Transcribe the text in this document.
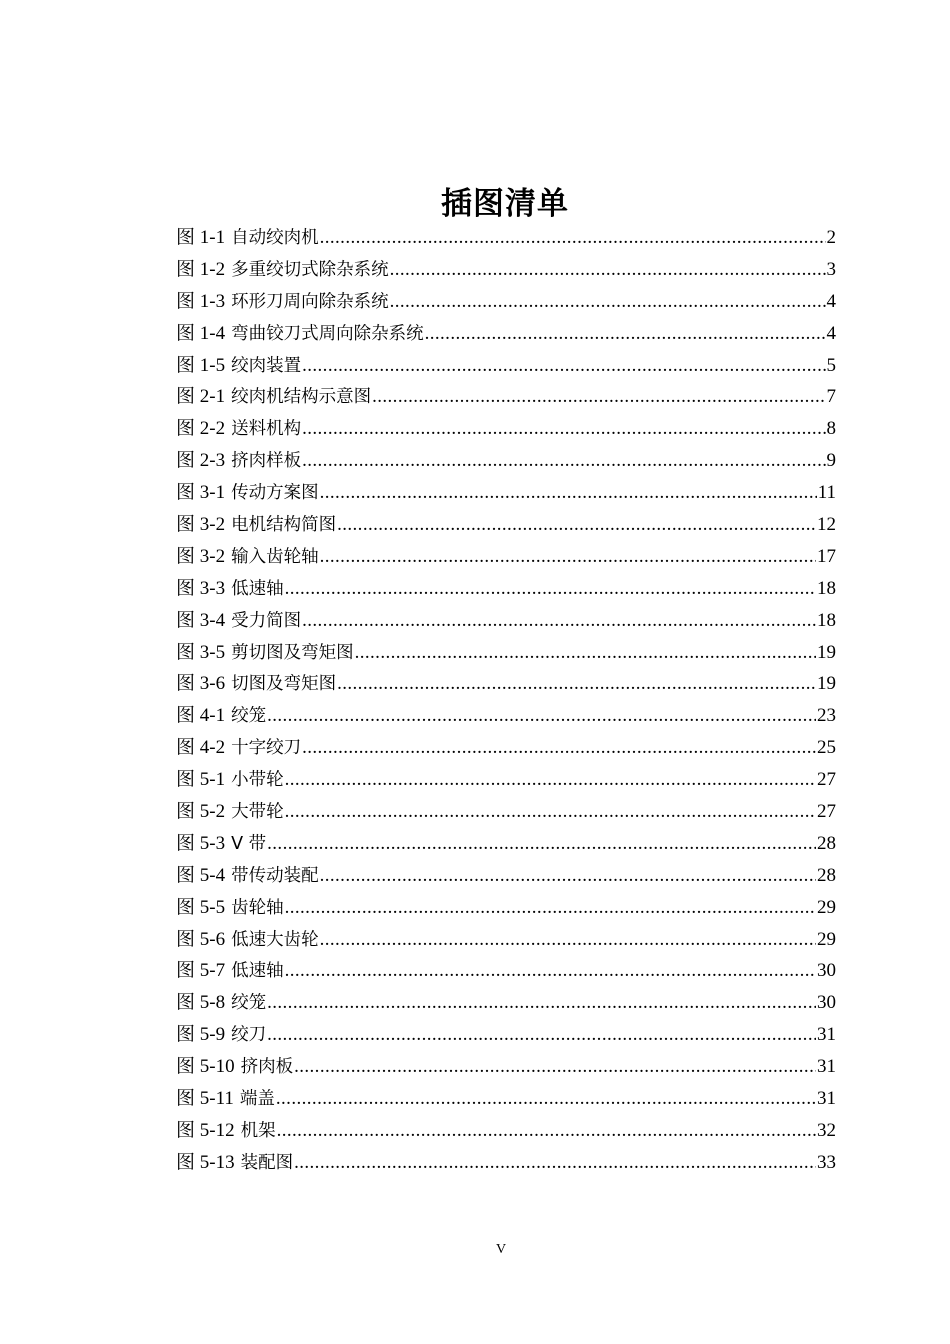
插图清单
图 1-1 自动绞肉机 .....	2
图 1-2 多重绞切式除杂系统 .....	3
图 1-3 环形刀周向除杂系统 .....	4
图 1-4 弯曲铰刀式周向除杂系统 .....	4
图 1-5 绞肉装置 .....	5
图 2-1 绞肉机结构示意图 .....	7
图 2-2 送料机构 .....	8
图 2-3 挤肉样板 .....	9
图 3-1 传动方案图 .....	11
图 3-2 电机结构简图 .....	12
图 3-2 输入齿轮轴 .....	17
图 3-3 低速轴 .....	18
图 3-4 受力简图 .....	18
图 3-5 剪切图及弯矩图 .....	19
图 3-6 切图及弯矩图 .....	19
图 4-1 绞笼 .....	23
图 4-2 十字绞刀 .....	25
图 5-1 小带轮 .....	27
图 5-2 大带轮 .....	27
图 5-3 V 带 .....	28
图 5-4 带传动装配 .....	28
图 5-5 齿轮轴 .....	29
图 5-6 低速大齿轮 .....	29
图 5-7 低速轴 .....	30
图 5-8 绞笼 .....	30
图 5-9 绞刀 .....	31
图 5-10 挤肉板 .....	31
图 5-11 端盖 .....	31
图 5-12 机架 .....	32
图 5-13 装配图 .....	33
V
